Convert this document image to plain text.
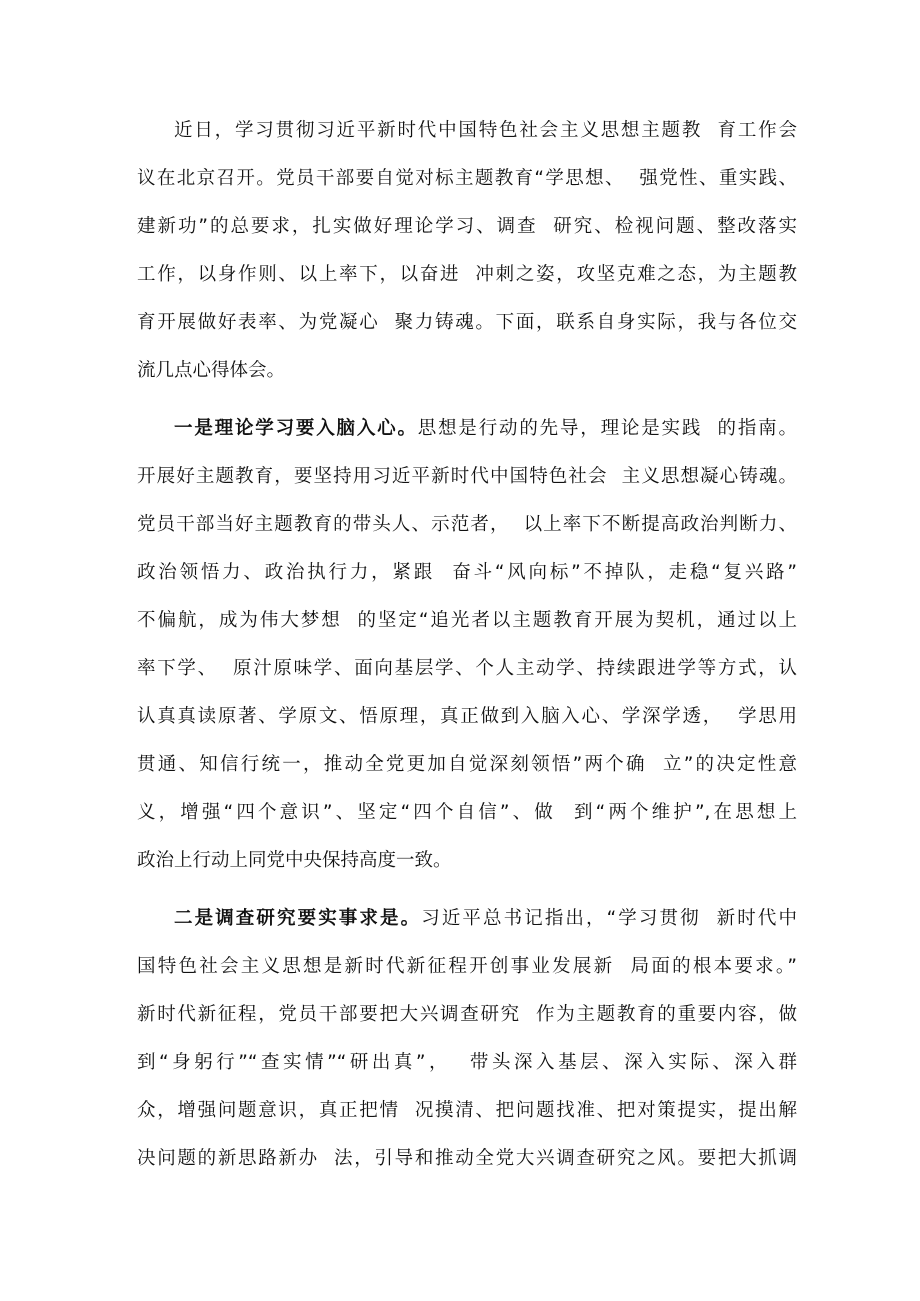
近日，学习贯彻习近平新时代中国特色社会主义思想主题教  育工作会
议在北京召开。党员干部要自觉对标主题教育“学思想、  强党性、重实践、
建新功”的总要求，扎实做好理论学习、调查  研究、检视问题、整改落实
工作，以身作则、以上率下，以奋进  冲刺之姿，攻坚克难之态，为主题教
育开展做好表率、为党凝心  聚力铸魂。下面，联系自身实际，我与各位交
流几点心得体会。
一是理论学习要入脑入心。思想是行动的先导，理论是实践  的指南。
开展好主题教育，要坚持用习近平新时代中国特色社会  主义思想凝心铸魂。
党员干部当好主题教育的带头人、示范者，  以上率下不断提高政治判断力、
政治领悟力、政治执行力，紧跟  奋斗“风向标”不掉队，走稳“复兴路”
不偏航，成为伟大梦想  的坚定“追光者以主题教育开展为契机，通过以上
率下学、  原汁原味学、面向基层学、个人主动学、持续跟进学等方式，认
认真真读原著、学原文、悟原理，真正做到入脑入心、学深学透，  学思用
贯通、知信行统一，推动全党更加自觉深刻领悟”两个确  立”的决定性意
义，增强“四个意识”、坚定“四个自信”、做  到“两个维护”,在思想上
政治上行动上同党中央保持高度一致。
二是调查研究要实事求是。习近平总书记指出，“学习贯彻  新时代中
国特色社会主义思想是新时代新征程开创事业发展新  局面的根本要求。”
新时代新征程，党员干部要把大兴调查研究  作为主题教育的重要内容，做
到“身躬行”“查实情”“研出真”，  带头深入基层、深入实际、深入群
众，增强问题意识，真正把情  况摸清、把问题找准、把对策提实，提出解
决问题的新思路新办  法，引导和推动全党大兴调查研究之风。要把大抓调
